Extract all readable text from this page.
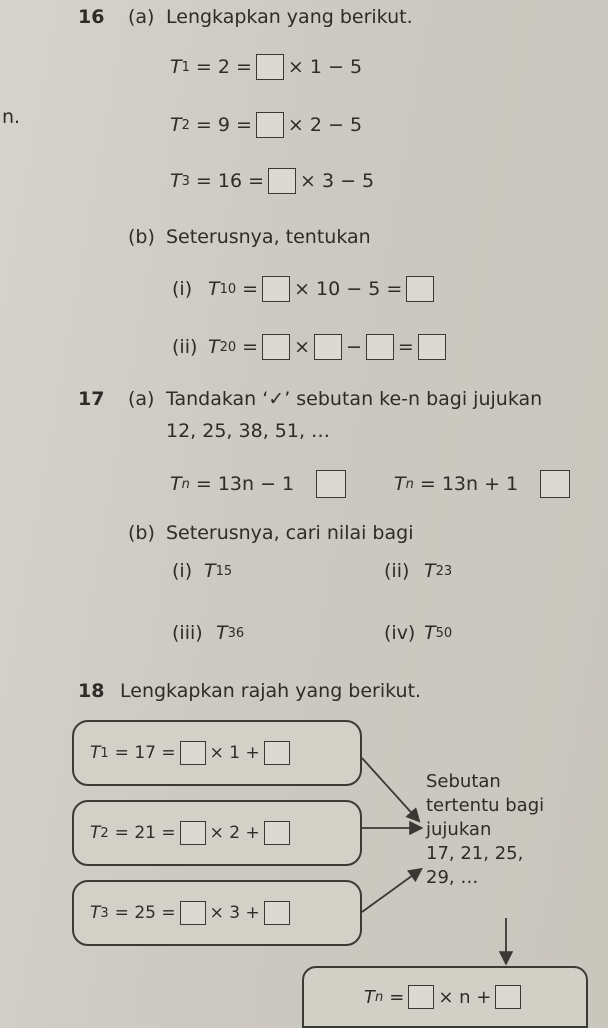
n.
16 (a) Lengkapkan yang berikut.
T 1 = 2 = × 1 − 5
T 2 = 9 = × 2 − 5
T 3 = 16 = × 3 − 5
(b) Seterusnya, tentukan
(i) T 10 = × 10 − 5 =
(ii) T 20 = × − =
17 (a) Tandakan ‘✓’ sebutan ke-n bagi jujukan
12, 25, 38, 51, …
T n = 13n − 1	T n = 13n + 1
(b) Seterusnya, cari nilai bagi
(i) T 15	(ii) T 23
(iii) T 36	(iv) T 50
18 Lengkapkan rajah yang berikut.
T 1 = 17 = × 1 +
T 2 = 21 = × 2 +
T 3 = 25 = × 3 +
Sebutan
tertentu bagi
jujukan
17, 21, 25,
29, …
T n = × n +
